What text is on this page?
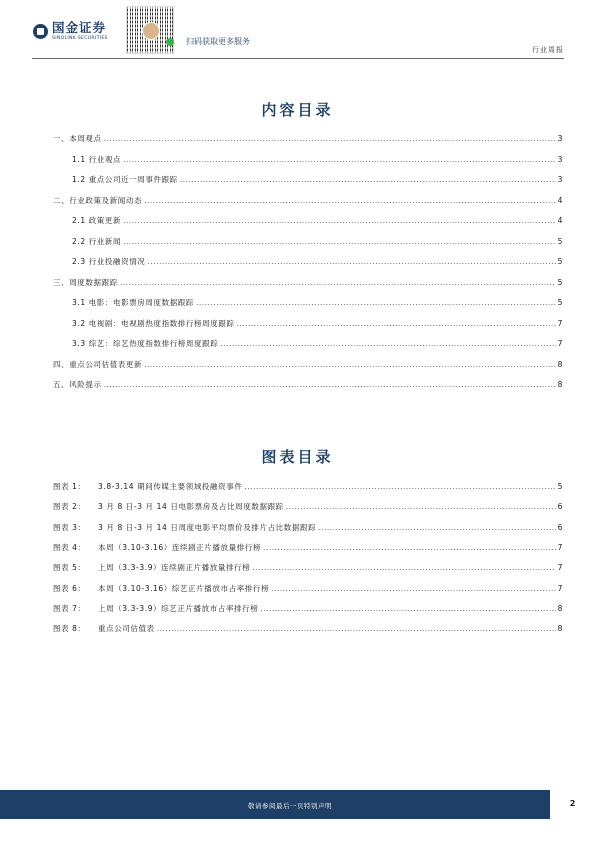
国金证券
SINOLINK SECURITIES	扫码获取更多服务
行业周报
内容目录
一、本周观点 .....	3
1.1 行业观点 .....	3
1.2 重点公司近一周事件跟踪 .....	3
二、行业政策及新闻动态 .....	4
2.1 政策更新 .....	4
2.2 行业新闻 .....	5
2.3 行业投融资情况 .....	5
三、周度数据跟踪 .....	5
3.1 电影：电影票房周度数据跟踪 .....	5
3.2 电视剧：电视剧热度指数排行榜周度跟踪 .....	7
3.3 综艺：综艺热度指数排行榜周度跟踪 .....	7
四、重点公司估值表更新 .....	8
五、风险提示 .....	8
图表目录
图表 1： 3.8-3.14 期间传媒主要领域投融资事件 .....	5
图表 2： 3 月 8 日-3 月 14 日电影票房及占比周度数据跟踪 .....	6
图表 3： 3 月 8 日-3 月 14 日周度电影平均票价及排片占比数据跟踪 .....	6
图表 4： 本周（3.10-3.16）连续剧正片播放量排行榜 .....	7
图表 5： 上周（3.3-3.9）连续剧正片播放量排行榜 .....	7
图表 6： 本周（3.10-3.16）综艺正片播放市占率排行榜 .....	7
图表 7： 上周（3.3-3.9）综艺正片播放市占率排行榜 .....	8
图表 8： 重点公司估值表 .....	8
敬请参阅最后一页特别声明	2
